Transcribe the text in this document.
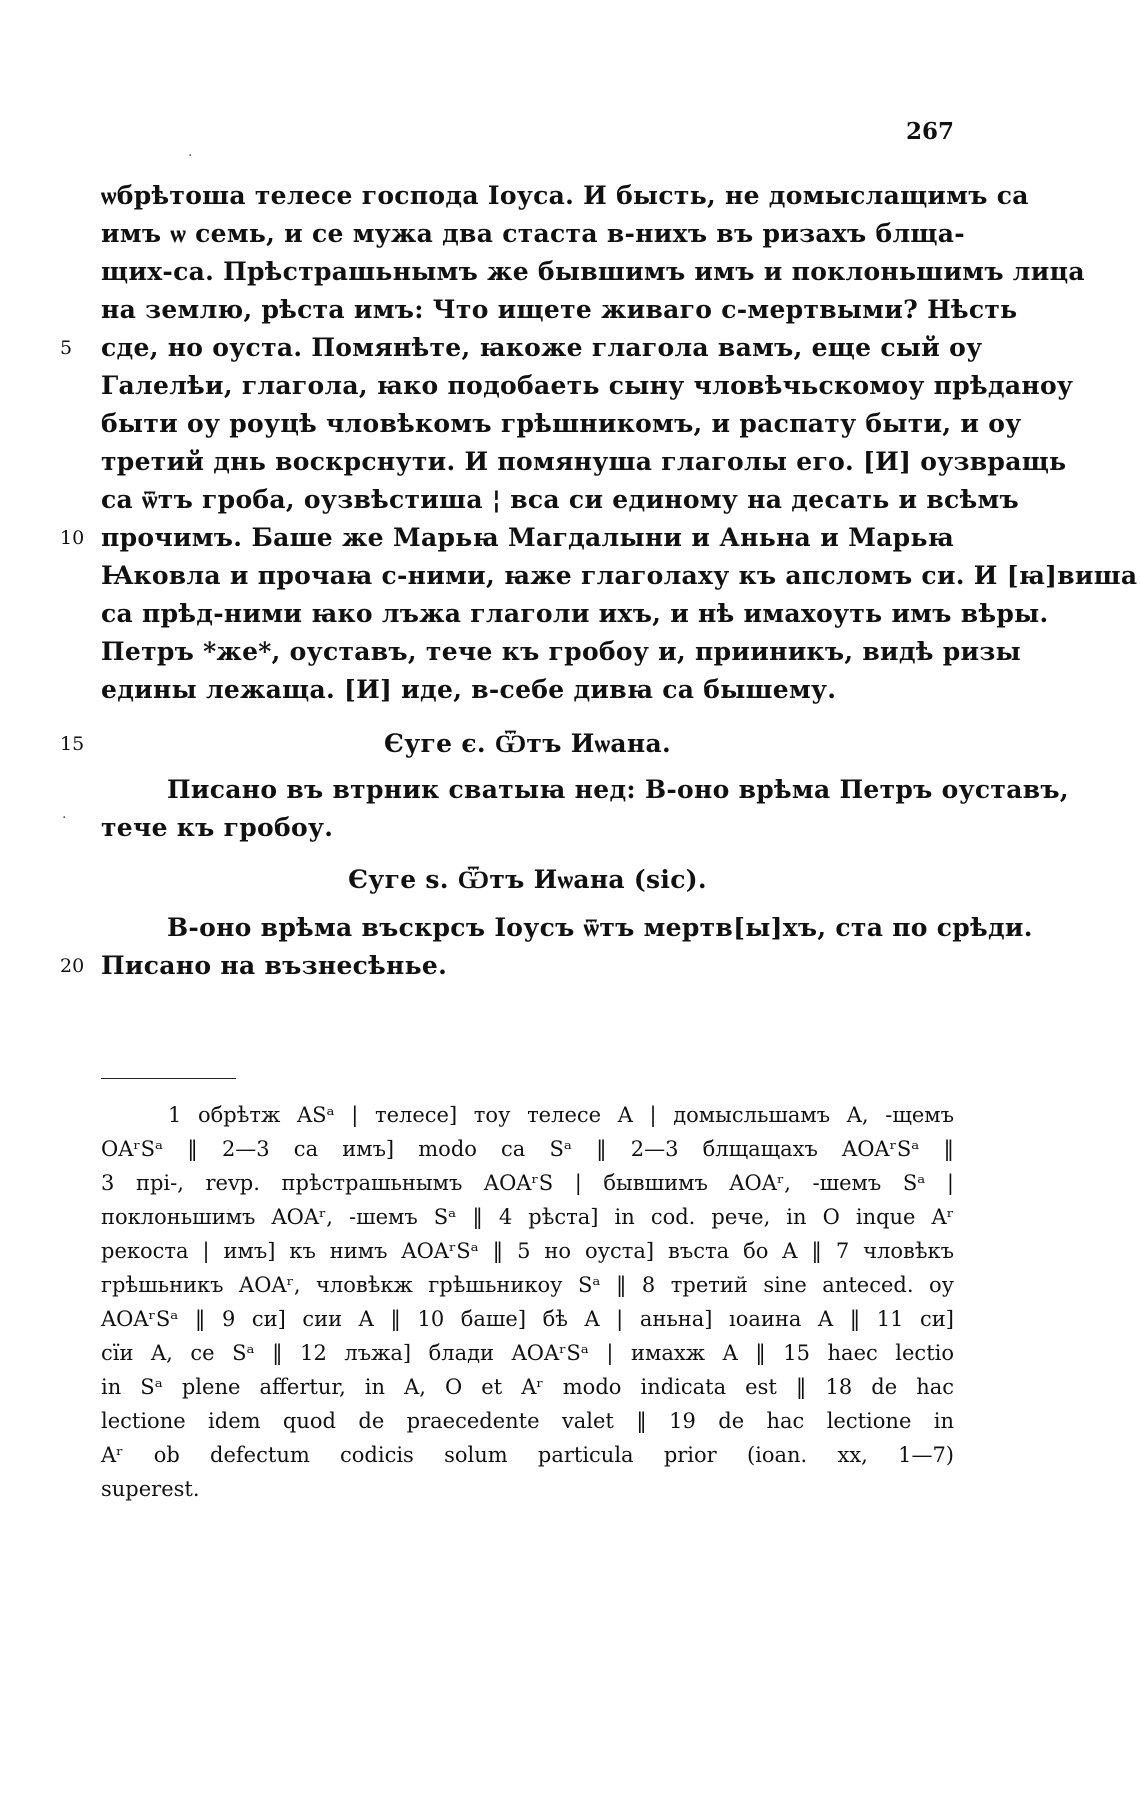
267
ѡбрѣтоша телесе господа Іоуса. И бысть, не домыслащимъ са
имъ ѡ семь, и се мужа два стаста в-нихъ въ ризахъ блща-
щих-са. Прѣстрашьнымъ же бывшимъ имъ и поклоньшимъ лица
на землю, рѣста имъ: Что ищете живаго с-мертвыми? Нѣсть
5	сде, но оуста. Помянѣте, ꙗкоже глагола вамъ, еще сый оу
Галелѣи, глагола, ꙗко подобаеть сыну чловѣчьскомоу прѣданоу
быти оу роуцѣ чловѣкомъ грѣшникомъ, и распату быти, и оу
третий днь воскрснути. И помянуша глаголы его. [И] оузвращь
са ѿтъ гроба, оузвѣстиша ¦ вса си единому на десать и всѣмъ
10 прочимъ. Баше же Марьꙗ Магдалыни и Аньна и Марьꙗ
Ꙗковла и прочаꙗ с-ними, ꙗже глаголаху къ апсломъ си. И [ꙗ]виша
са прѣд-ними ꙗко лъжа глаголи ихъ, и нѣ имахоуть имъ вѣры.
Петръ *же*, оуставъ, тече къ гробоу и, прииникъ, видѣ ризы
едины лежаща. [И] иде, в-себе дивꙗ са бышему.
15	Єуге є. Ѿтъ Иѡана.
Писано въ втрник сватыꙗ нед: В-оно врѣма Петръ оуставъ,
тече къ гробоу.
Єуге ѕ. Ѿтъ Иѡана (sic).
В-оно врѣма въскрсъ Іоусъ ѿтъ мертв[ы]хъ, ста по срѣди.
20 Писано на възнесѣнье.
·
·
1 обрѣтж ASᵃ | телесе] тоу телесе A | домысльшамъ A, -щемъ
OAʳSᵃ ‖ 2—3 са имъ] modo са Sᵃ ‖ 2—3 блщащахъ AOAʳSᵃ ‖
3 прі-, revр. прѣстрашьнымъ AOAʳS | бывшимъ AOAʳ, -шемъ Sᵃ |
поклоньшимъ AOAʳ, -шемъ Sᵃ ‖ 4 рѣста] in cod. рече, in O inque Aʳ
рекоста | имъ] къ нимъ AOAʳSᵃ ‖ 5 но оуста] въста бо A ‖ 7 чловѣкъ
грѣшьникъ AOAʳ, чловѣкж грѣшьникоу Sᵃ ‖ 8 третий sine anteced. оу
AOAʳSᵃ ‖ 9 си] сии A ‖ 10 баше] бѣ A | аньна] ıоаина A ‖ 11 си]
сїи A, се Sᵃ ‖ 12 лъжа] блади AOAʳSᵃ | имахж A ‖ 15 haec lectio
in Sᵃ plene affertur, in A, O et Aʳ modo indicata est ‖ 18 de hac
lectione idem quod de praecedente valet ‖ 19 de hac lectione in
Aʳ ob defectum codicis solum particula prior (ioan. xx, 1—7)
superest.
